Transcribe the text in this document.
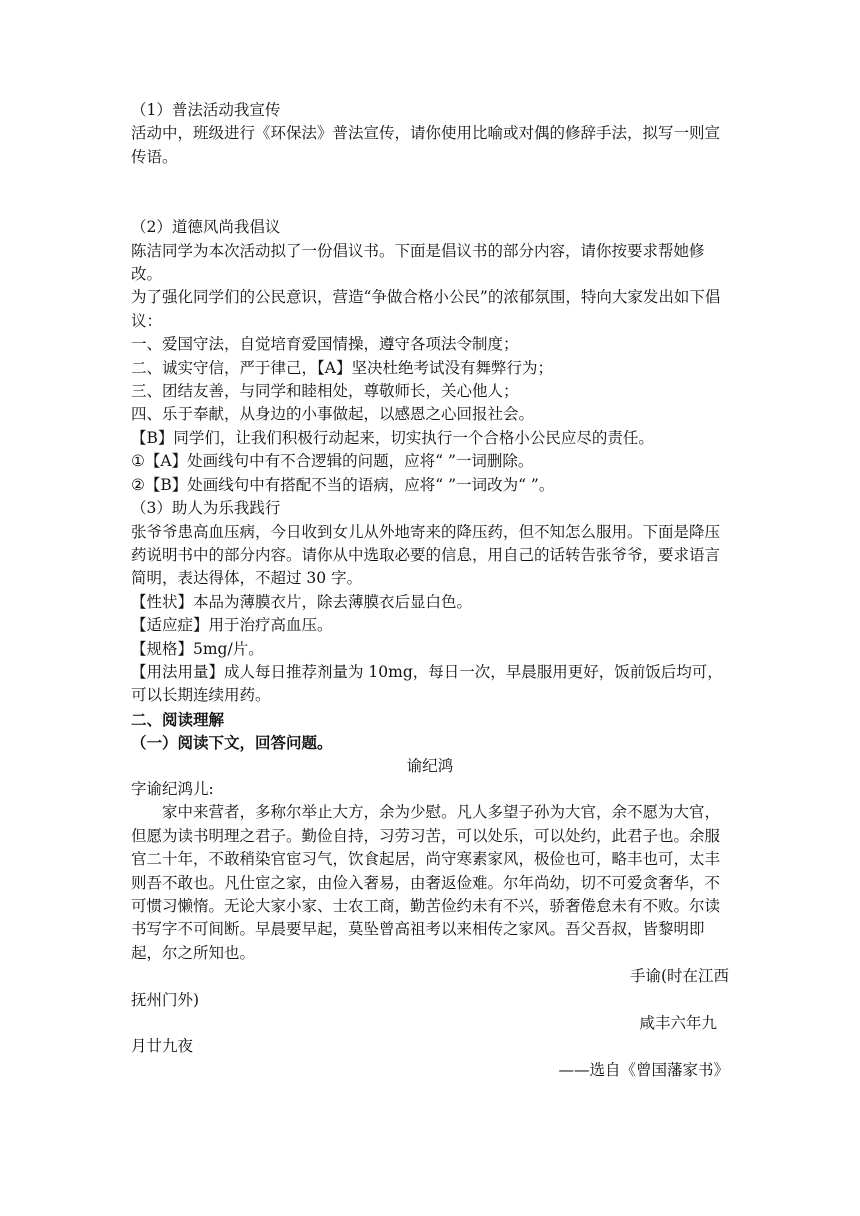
（1）普法活动我宣传

活动中，班级进行《环保法》普法宣传，请你使用比喻或对偶的修辞手法，拟写一则宣传语。

（2）道德风尚我倡议

陈洁同学为本次活动拟了一份倡议书。下面是倡议书的部分内容，请你按要求帮她修改。

为了强化同学们的公民意识，营造“争做合格小公民”的浓郁氛围，特向大家发出如下倡议：

一、爱国守法，自觉培育爱国情操，遵守各项法令制度；

二、诚实守信，严于律己，【A】坚决杜绝考试没有舞弊行为；

三、团结友善，与同学和睦相处，尊敬师长，关心他人；

四、乐于奉献，从身边的小事做起，以感恩之心回报社会。

【B】同学们，让我们积极行动起来，切实执行一个合格小公民应尽的责任。

①【A】处画线句中有不合逻辑的问题，应将“ ”一词删除。

②【B】处画线句中有搭配不当的语病，应将“ ”一词改为“ ”。

（3）助人为乐我践行

张爷爷患高血压病，今日收到女儿从外地寄来的降压药，但不知怎么服用。下面是降压药说明书中的部分内容。请你从中选取必要的信息，用自己的话转告张爷爷，要求语言简明，表达得体，不超过 30 字。

【性状】本品为薄膜衣片，除去薄膜衣后显白色。

【适应症】用于治疗高血压。

【规格】5mg/片。

【用法用量】成人每日推荐剂量为 10mg，每日一次，早晨服用更好，饭前饭后均可，可以长期连续用药。

二、阅读理解

（一）阅读下文，回答问题。

谕纪鸿

字谕纪鸿儿:

家中来营者，多称尔举止大方，余为少慰。凡人多望子孙为大官，余不愿为大官，但愿为读书明理之君子。勤俭自持，习劳习苦，可以处乐，可以处约，此君子也。余服官二十年，不敢稍染官宦习气，饮食起居，尚守寒素家风，极俭也可，略丰也可，太丰则吾不敢也。凡仕宦之家，由俭入奢易，由奢返俭难。尔年尚幼，切不可爱贪奢华，不可惯习懒惰。无论大家小家、士农工商，勤苦俭约未有不兴，骄奢倦怠未有不败。尔读书写字不可间断。早晨要早起，莫坠曾高祖考以来相传之家风。吾父吾叔，皆黎明即起，尔之所知也。

手谕(时在江西

抚州门外)

咸丰六年九

月廿九夜

——选自《曾国藩家书》
